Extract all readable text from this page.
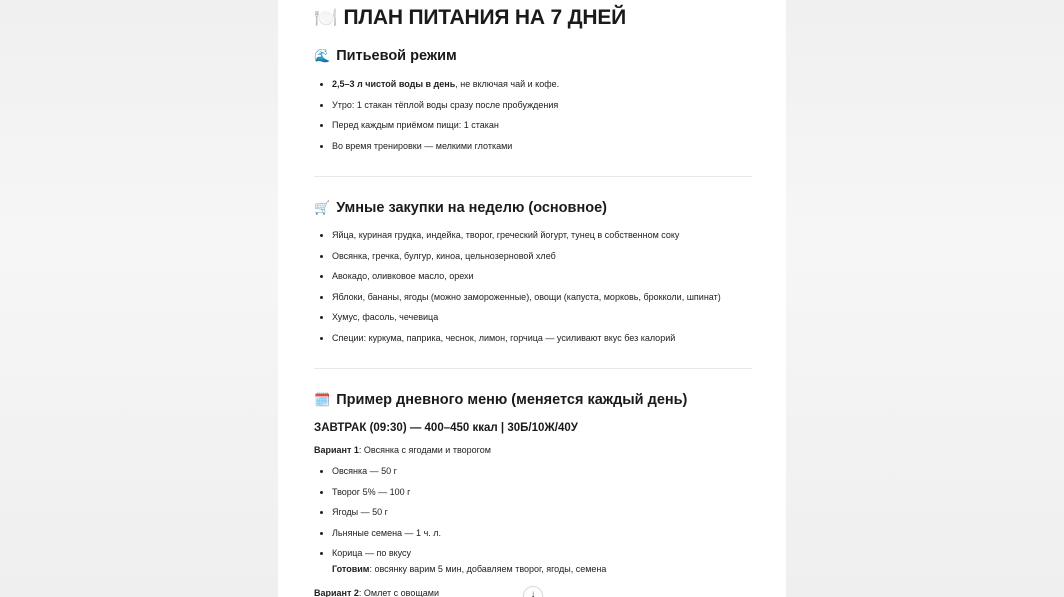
🍽️ ПЛАН ПИТАНИЯ НА 7 ДНЕЙ
🌊 Питьевой режим
2,5–3 л чистой воды в день, не включая чай и кофе.
Утро: 1 стакан тёплой воды сразу после пробуждения
Перед каждым приёмом пищи: 1 стакан
Во время тренировки — мелкими глотками
🛒 Умные закупки на неделю (основное)
Яйца, куриная грудка, индейка, творог, греческий йогурт, тунец в собственном соку
Овсянка, гречка, булгур, киноа, цельнозерновой хлеб
Авокадо, оливковое масло, орехи
Яблоки, бананы, ягоды (можно замороженные), овощи (капуста, морковь, брокколи, шпинат)
Хумус, фасоль, чечевица
Специи: куркума, паприка, чеснок, лимон, горчица — усиливают вкус без калорий
🗓️ Пример дневного меню (меняется каждый день)
ЗАВТРАК (09:30) — 400–450 ккал | 30Б/10Ж/40У
Вариант 1: Овсянка с ягодами и творогом
Овсянка — 50 г
Творог 5% — 100 г
Ягоды — 50 г
Льняные семена — 1 ч. л.
Корица — по вкусу
Готовим: овсянку варим 5 мин, добавляем творог, ягоды, семена
Вариант 2: Омлет с овощами	↓
